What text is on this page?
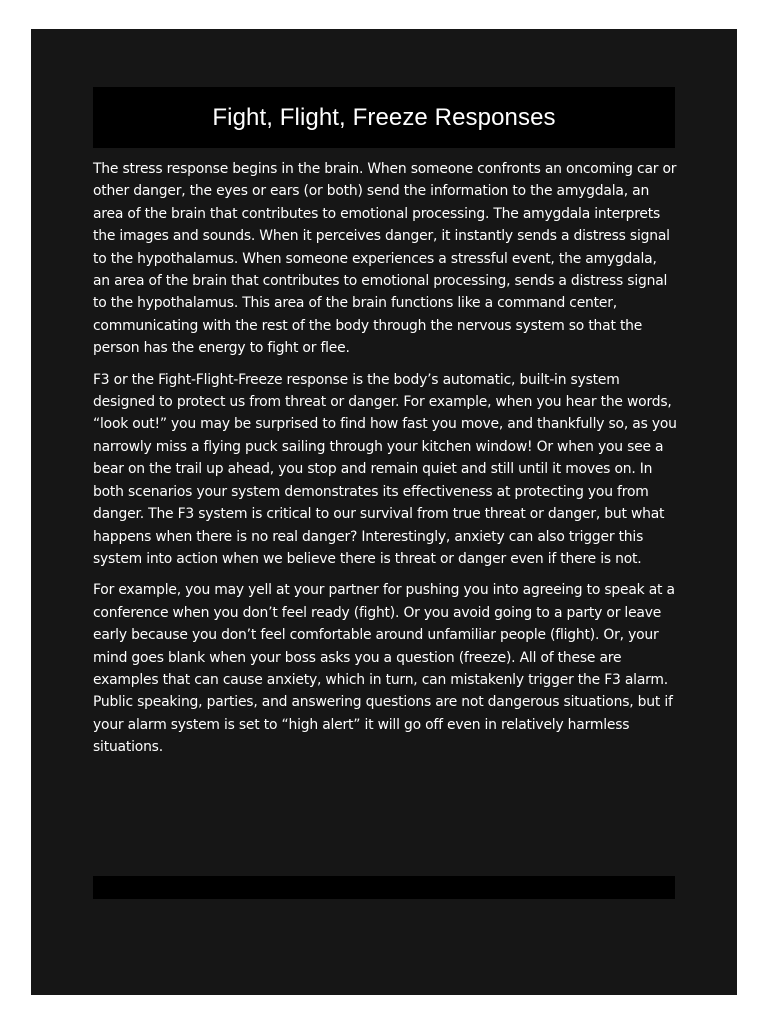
Fight, Flight, Freeze Responses

The stress response begins in the brain. When someone confronts an oncoming car or other danger, the eyes or ears (or both) send the information to the amygdala, an area of the brain that contributes to emotional processing. The amygdala interprets the images and sounds. When it perceives danger, it instantly sends a distress signal to the hypothalamus. When someone experiences a stressful event, the amygdala, an area of the brain that contributes to emotional processing, sends a distress signal to the hypothalamus. This area of the brain functions like a command center, communicating with the rest of the body through the nervous system so that the person has the energy to fight or flee.

F3 or the Fight-Flight-Freeze response is the body’s automatic, built-in system designed to protect us from threat or danger. For example, when you hear the words, “look out!” you may be surprised to find how fast you move, and thankfully so, as you narrowly miss a flying puck sailing through your kitchen window! Or when you see a bear on the trail up ahead, you stop and remain quiet and still until it moves on. In both scenarios your system demonstrates its effectiveness at protecting you from danger. The F3 system is critical to our survival from true threat or danger, but what happens when there is no real danger? Interestingly, anxiety can also trigger this system into action when we believe there is threat or danger even if there is not.

For example, you may yell at your partner for pushing you into agreeing to speak at a conference when you don’t feel ready (fight). Or you avoid going to a party or leave early because you don’t feel comfortable around unfamiliar people (flight). Or, your mind goes blank when your boss asks you a question (freeze). All of these are examples that can cause anxiety, which in turn, can mistakenly trigger the F3 alarm. Public speaking, parties, and answering questions are not dangerous situations, but if your alarm system is set to “high alert” it will go off even in relatively harmless situations.
